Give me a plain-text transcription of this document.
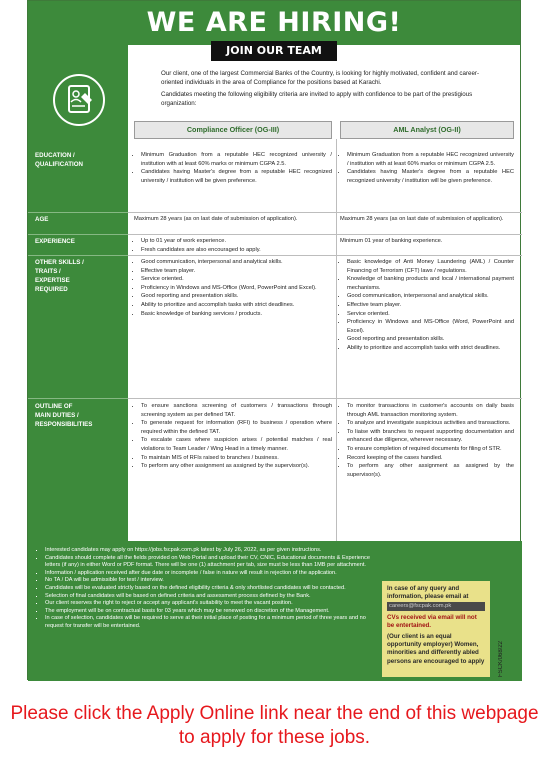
WE ARE HIRING!
JOIN OUR TEAM

Our client, one of the largest Commercial Banks of the Country, is looking for highly motivated, confident and career-oriented individuals in the area of Compliance for the positions based at Karachi.

Candidates meeting the following eligibility criteria are invited to apply with confidence to be part of the prestigious organization:

Compliance Officer (OG-III)	AML Analyst (OG-II)
EDUCATION /
QUALIFICATION
• Minimum Graduation from a reputable HEC recognized university / institution with at least 60% marks or minimum CGPA 2.5.
• Candidates having Master's degree from a reputable HEC recognized university / institution will be given preference.
• Minimum Graduation from a reputable HEC recognized university / institution with at least 60% marks or minimum CGPA 2.5.
• Candidates having Master's degree from a reputable HEC recognized university / institution will be given preference.
AGE	Maximum 28 years (as on last date of submission of application).	Maximum 28 years (as on last date of submission of application).
EXPERIENCE
•	Up to 01 year of work experience.
• Fresh candidates are also encouraged to apply.
Minimum 01 year of banking experience.
OTHER SKILLS /
TRAITS /
EXPERTISE
REQUIRED
• Good communication, interpersonal and analytical skills.
• Effective team player.
• Service oriented.
• Proficiency in Windows and MS-Office (Word, PowerPoint and Excel).
• Good reporting and presentation skills.
• Ability to prioritize and accomplish tasks with strict deadlines.
• Basic knowledge of banking services / products.
• Basic knowledge of Anti Money Laundering (AML) / Counter Financing of Terrorism (CFT) laws / regulations.
• Knowledge of banking products and local / international payment mechanisms.
• Good communication, interpersonal and analytical skills.
• Effective team player.
• Service oriented.
• Proficiency in Windows and MS-Office (Word, PowerPoint and Excel).
• Good reporting and presentation skills.
• Ability to prioritize and accomplish tasks with strict deadlines.
OUTLINE OF
MAIN DUTIES /
RESPONSIBILITIES
• To ensure sanctions screening of customers / transactions through screening system as per defined TAT.
• To generate request for information (RFI) to business / operation where required within the defined TAT.
• To escalate cases where suspicion arises / potential matches / real violations to Team Leader / Wing Head in a timely manner.
• To maintain MIS of RFIs raised to branches / business.
• To perform any other assignment as assigned by the supervisor(s).
• To monitor transactions in customer's accounts on daily basis through AML transaction monitoring system.
• To analyze and investigate suspicious activities and transactions.
• To liaise with branches to request supporting documentation and enhanced due diligence, wherever necessary.
• To ensure completion of required documents for filing of STR.
• Record keeping of the cases handled.
• To perform any other assignment as assigned by the supervisor(s).
▪ Interested candidates may apply on https://jobs.fscpak.com.pk latest by July 26, 2022, as per given instructions.
▪ Candidates should complete all the fields provided on Web Portal and upload their CV, CNIC, Educational documents & Experience letters (if any) in either Word or PDF format. There will be one (1) attachment per tab, size must be less than 1MB per attachment.
▪ Information / application received after due date or incomplete / false in nature will result in rejection of the application.
▪ No TA / DA will be admissible for test / interview.
▪ Candidates will be evaluated strictly based on the defined eligibility criteria & only shortlisted candidates will be contacted.
▪ Selection of final candidates will be based on defined criteria and assessment process defined by the Bank.
▪ Our client reserves the right to reject or accept any applicant's suitability to meet the vacant position.
▪ The employment will be on contractual basis for 03 years which may be renewed on discretion of the Management.
▪ In case of selection, candidates will be required to serve at their initial place of posting for a minimum period of three years and no request for transfer will be entertained.

In case of any query and information, please email at
careers@fscpak.com.pk

CVs received via email will not be entertained.

(Our client is an equal opportunity employer) Women, minorities and differently abled persons are encouraged to apply FSCK/068/22
Please click the Apply Online link near the end of this webpage to apply for these jobs.
